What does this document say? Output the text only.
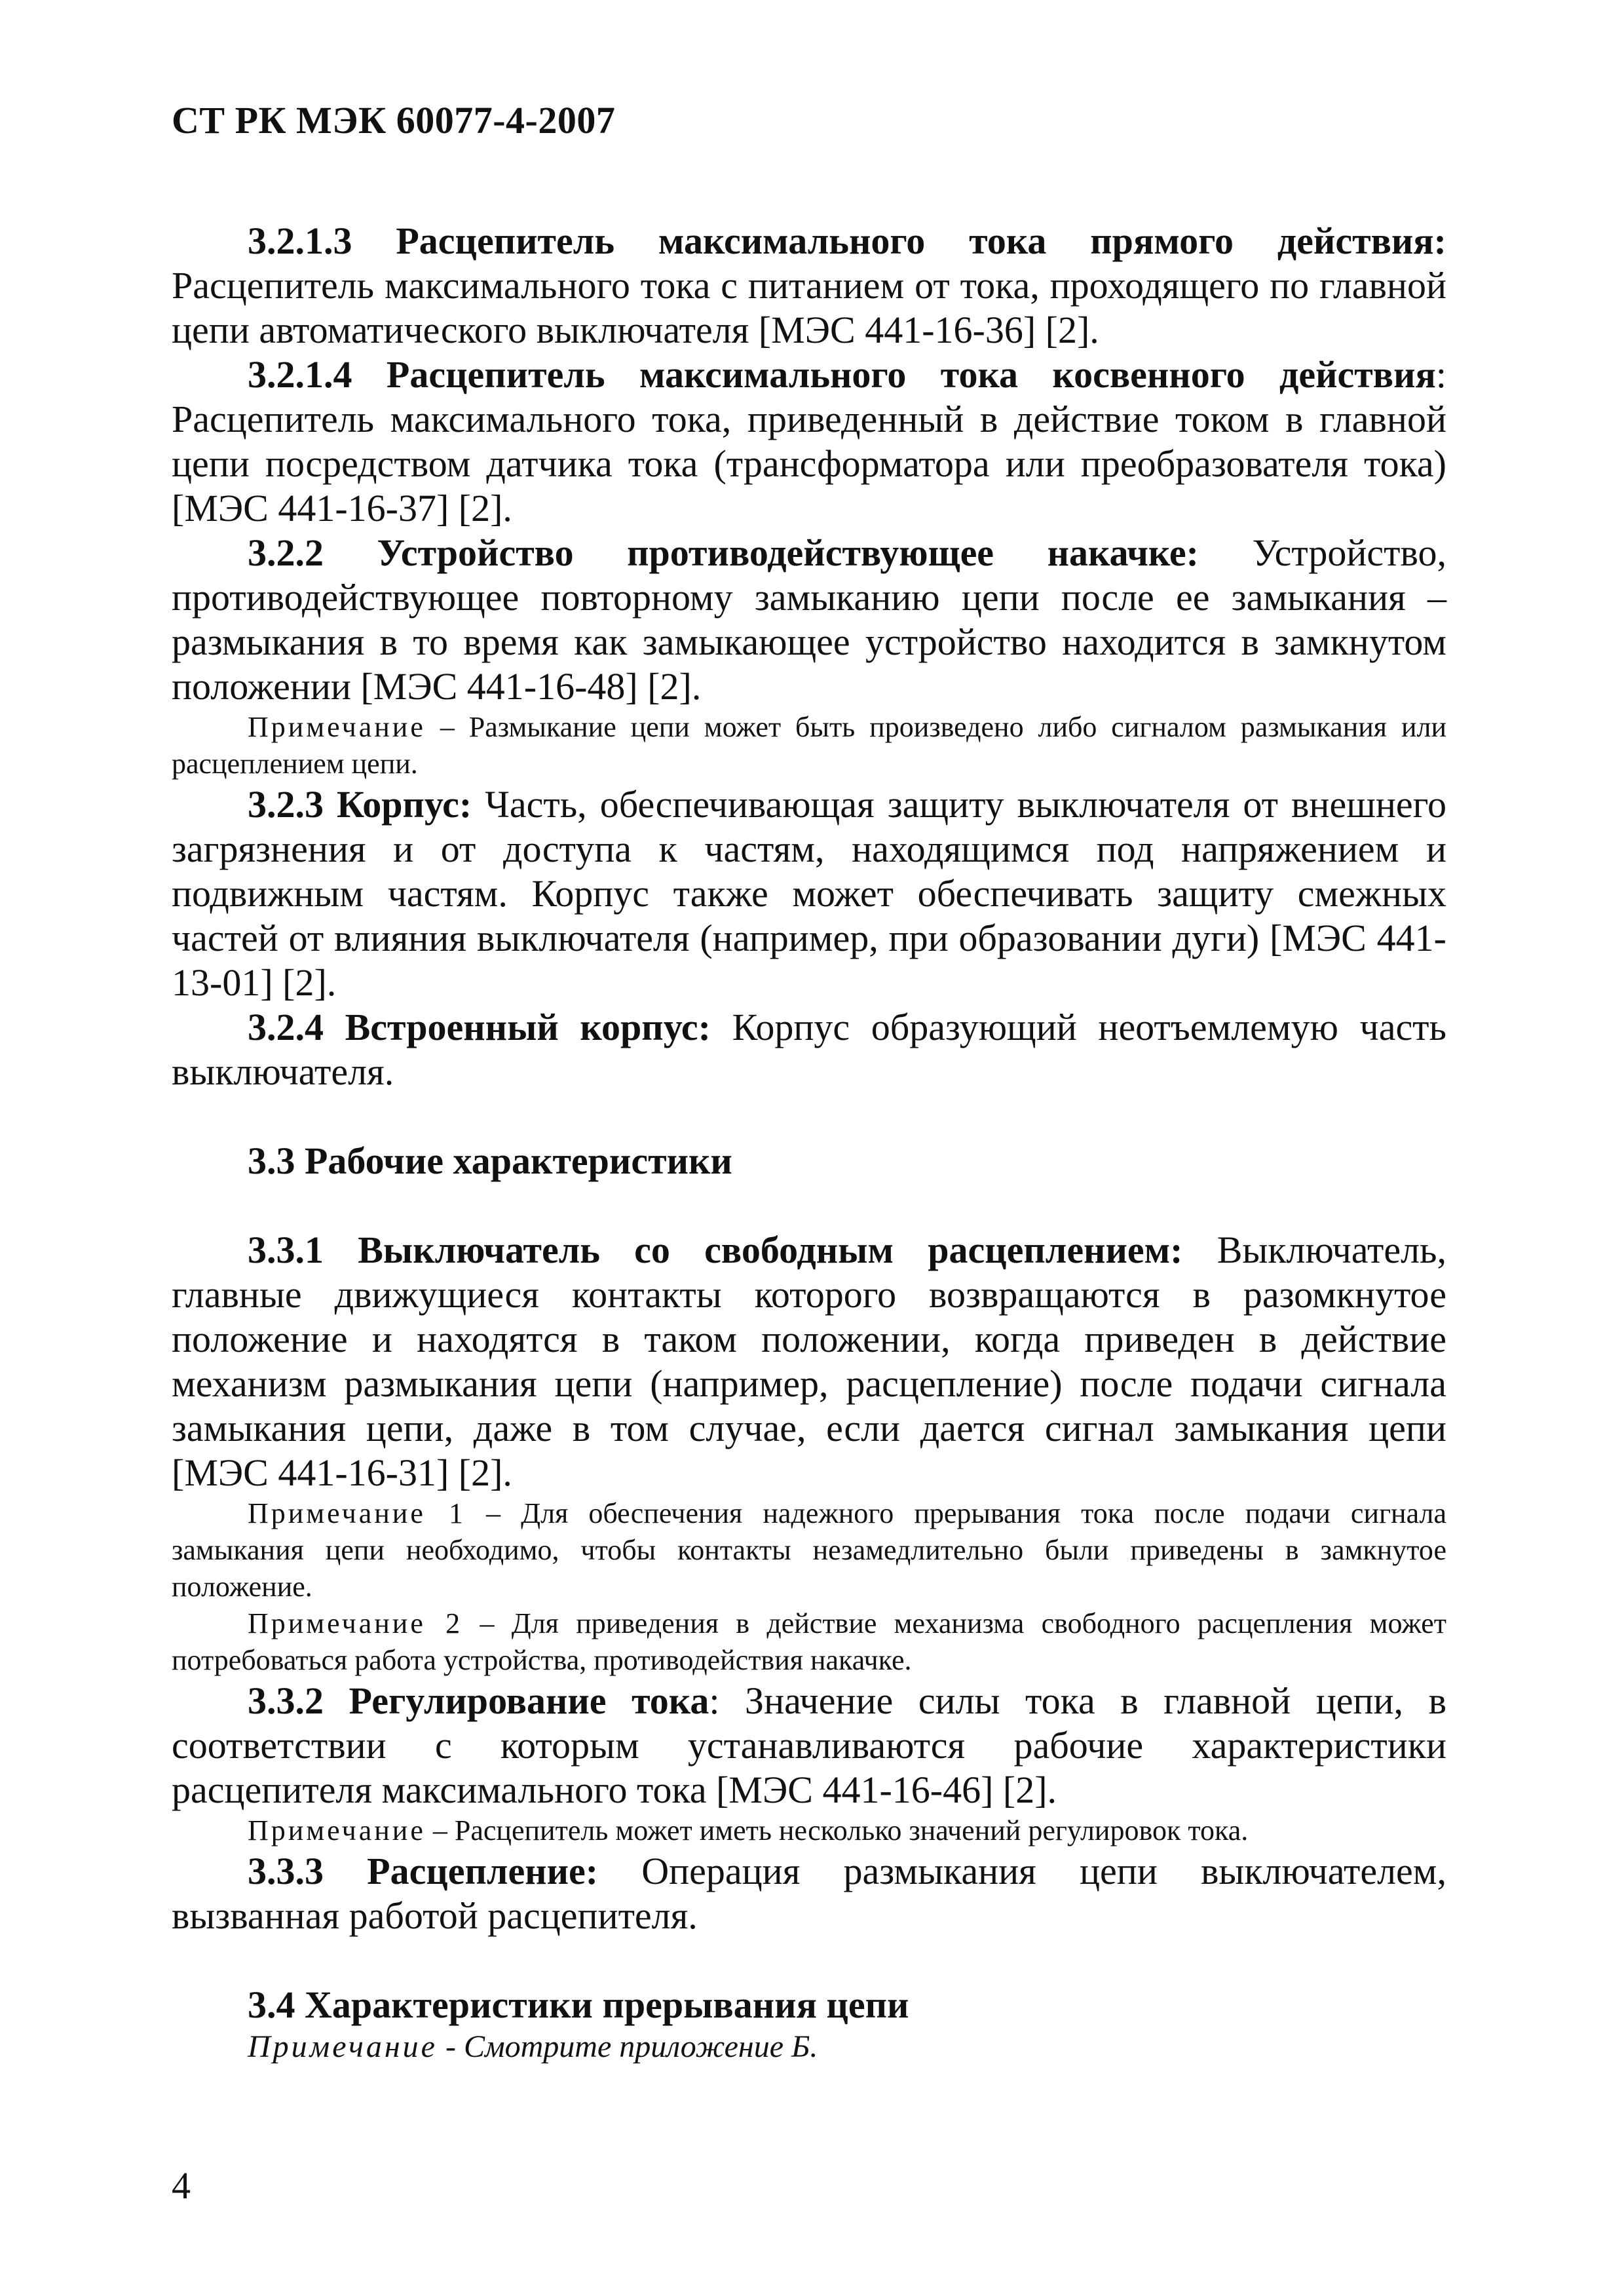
СТ РК МЭК 60077-4-2007

3.2.1.3 Расцепитель максимального тока прямого действия: Расцепитель максимального тока с питанием от тока, проходящего по главной цепи автоматического выключателя [МЭС 441-16-36] [2].

3.2.1.4 Расцепитель максимального тока косвенного действия: Расцепитель максимального тока, приведенный в действие током в главной цепи посредством датчика тока (трансформатора или преобразователя тока) [МЭС 441-16-37] [2].

3.2.2 Устройство противодействующее накачке: Устройство, противодействующее повторному замыканию цепи после ее замыкания – размыкания в то время как замыкающее устройство находится в замкнутом положении [МЭС 441-16-48] [2].

Примечание – Размыкание цепи может быть произведено либо сигналом размыкания или расцеплением цепи.

3.2.3 Корпус: Часть, обеспечивающая защиту выключателя от внешнего загрязнения и от доступа к частям, находящимся под напряжением и подвижным частям. Корпус также может обеспечивать защиту смежных частей от влияния выключателя (например, при образовании дуги) [МЭС 441-13-01] [2].

3.2.4 Встроенный корпус: Корпус образующий неотъемлемую часть выключателя.

3.3 Рабочие характеристики

3.3.1 Выключатель со свободным расцеплением: Выключатель, главные движущиеся контакты которого возвращаются в разомкнутое положение и находятся в таком положении, когда приведен в действие механизм размыкания цепи (например, расцепление) после подачи сигнала замыкания цепи, даже в том случае, если дается сигнал замыкания цепи [МЭС 441-16-31] [2].

Примечание 1 – Для обеспечения надежного прерывания тока после подачи сигнала замыкания цепи необходимо, чтобы контакты незамедлительно были приведены в замкнутое положение.

Примечание 2 – Для приведения в действие механизма свободного расцепления может потребоваться работа устройства, противодействия накачке.

3.3.2 Регулирование тока: Значение силы тока в главной цепи, в соответствии с которым устанавливаются рабочие характеристики расцепителя максимального тока [МЭС 441-16-46] [2].

Примечание – Расцепитель может иметь несколько значений регулировок тока.

3.3.3 Расцепление: Операция размыкания цепи выключателем, вызванная работой расцепителя.

3.4 Характеристики прерывания цепи

Примечание - Смотрите приложение Б.

4
